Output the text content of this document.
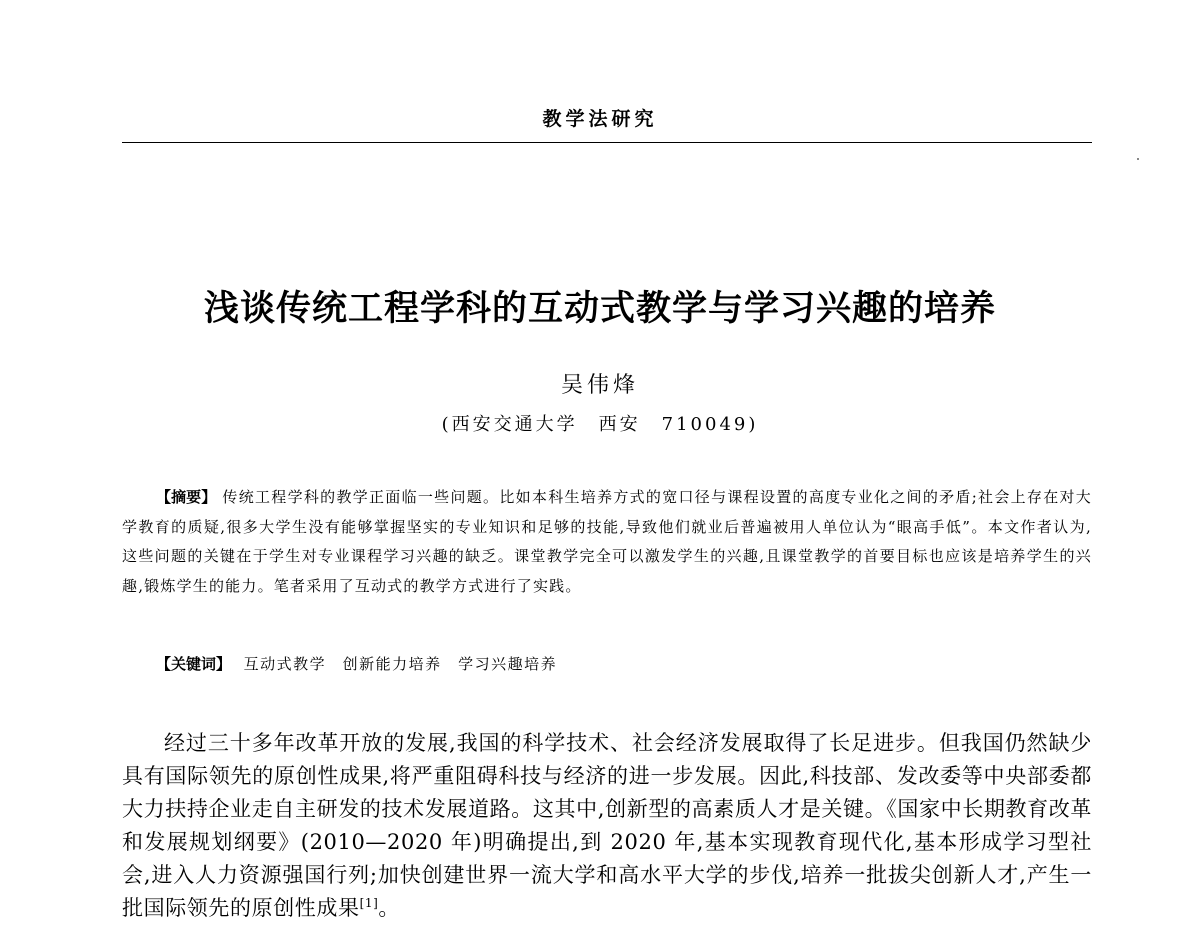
教学法研究
浅谈传统工程学科的互动式教学与学习兴趣的培养
吴伟烽
(西安交通大学　西安　710049)
【摘要】 传统工程学科的教学正面临一些问题。比如本科生培养方式的宽口径与课程设置的高度专业化之间的矛盾;社会上存在对大学教育的质疑,很多大学生没有能够掌握坚实的专业知识和足够的技能,导致他们就业后普遍被用人单位认为“眼高手低”。本文作者认为,这些问题的关键在于学生对专业课程学习兴趣的缺乏。课堂教学完全可以激发学生的兴趣,且课堂教学的首要目标也应该是培养学生的兴趣,锻炼学生的能力。笔者采用了互动式的教学方式进行了实践。
【关键词】 互动式教学　创新能力培养　学习兴趣培养
经过三十多年改革开放的发展,我国的科学技术、社会经济发展取得了长足进步。但我国仍然缺少具有国际领先的原创性成果,将严重阻碍科技与经济的进一步发展。因此,科技部、发改委等中央部委都大力扶持企业走自主研发的技术发展道路。这其中,创新型的高素质人才是关键。《国家中长期教育改革和发展规划纲要》(2010—2020 年)明确提出,到 2020 年,基本实现教育现代化,基本形成学习型社会,进入人力资源强国行列;加快创建世界一流大学和高水平大学的步伐,培养一批拔尖创新人才,产生一批国际领先的原创性成果[1]。
